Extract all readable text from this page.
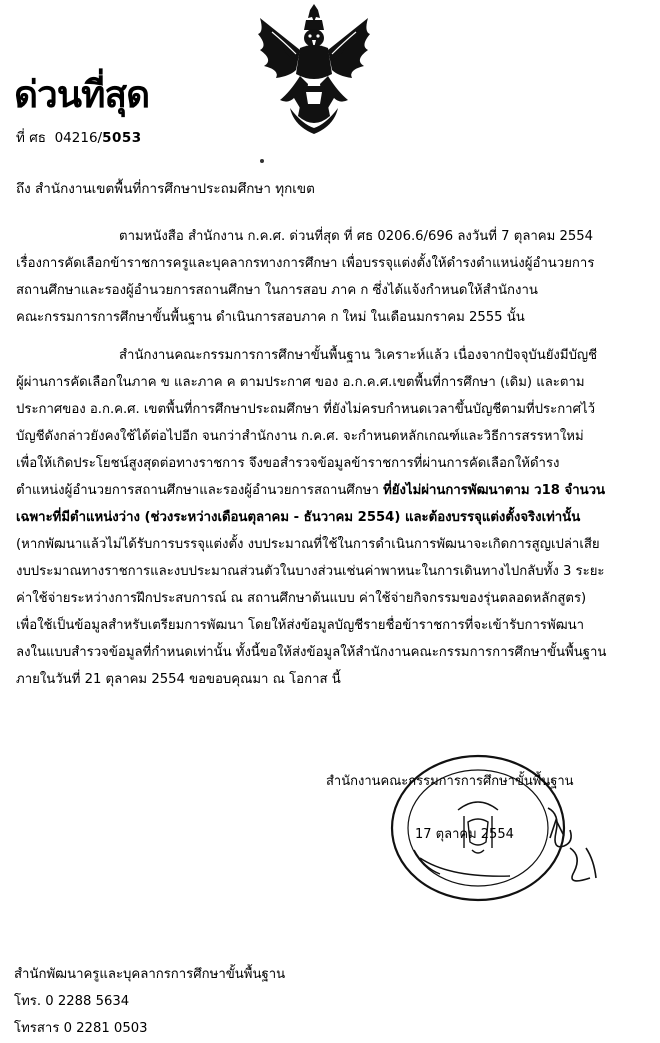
ด่วนที่สุด
ที่ ศธ 04216/5053
ถึง สำนักงานเขตพื้นที่การศึกษาประถมศึกษา ทุกเขต
ตามหนังสือ สำนักงาน ก.ค.ศ. ด่วนที่สุด ที่ ศธ 0206.6/696 ลงวันที่ 7 ตุลาคม 2554
เรื่องการคัดเลือกข้าราชการครูและบุคลากรทางการศึกษา เพื่อบรรจุแต่งตั้งให้ดำรงตำแหน่งผู้อำนวยการ
สถานศึกษาและรองผู้อำนวยการสถานศึกษา ในการสอบ ภาค ก ซึ่งได้แจ้งกำหนดให้สำนักงาน
คณะกรรมการการศึกษาขั้นพื้นฐาน ดำเนินการสอบภาค ก ใหม่ ในเดือนมกราคม 2555 นั้น
สำนักงานคณะกรรมการการศึกษาขั้นพื้นฐาน วิเคราะห์แล้ว เนื่องจากปัจจุบันยังมีบัญชี
ผู้ผ่านการคัดเลือกในภาค ข และภาค ค ตามประกาศ ของ อ.ก.ค.ศ.เขตพื้นที่การศึกษา (เดิม) และตาม
ประกาศของ อ.ก.ค.ศ. เขตพื้นที่การศึกษาประถมศึกษา ที่ยังไม่ครบกำหนดเวลาขึ้นบัญชีตามที่ประกาศไว้
บัญชีดังกล่าวยังคงใช้ได้ต่อไปอีก จนกว่าสำนักงาน ก.ค.ศ. จะกำหนดหลักเกณฑ์และวิธีการสรรหาใหม่
เพื่อให้เกิดประโยชน์สูงสุดต่อทางราชการ จึงขอสำรวจข้อมูลข้าราชการที่ผ่านการคัดเลือกให้ดำรง
ตำแหน่งผู้อำนวยการสถานศึกษาและรองผู้อำนวยการสถานศึกษา ที่ยังไม่ผ่านการพัฒนาตาม ว18 จำนวน
เฉพาะที่มีตำแหน่งว่าง (ช่วงระหว่างเดือนตุลาคม - ธันวาคม 2554) และต้องบรรจุแต่งตั้งจริงเท่านั้น
(หากพัฒนาแล้วไม่ได้รับการบรรจุแต่งตั้ง งบประมาณที่ใช้ในการดำเนินการพัฒนาจะเกิดการสูญเปล่าเสีย
งบประมาณทางราชการและงบประมาณส่วนตัวในบางส่วนเช่นค่าพาหนะในการเดินทางไปกลับทั้ง 3 ระยะ
ค่าใช้จ่ายระหว่างการฝึกประสบการณ์ ณ สถานศึกษาต้นแบบ ค่าใช้จ่ายกิจกรรมของรุ่นตลอดหลักสูตร)
เพื่อใช้เป็นข้อมูลสำหรับเตรียมการพัฒนา โดยให้ส่งข้อมูลบัญชีรายชื่อข้าราชการที่จะเข้ารับการพัฒนา
ลงในแบบสำรวจข้อมูลที่กำหนดเท่านั้น ทั้งนี้ขอให้ส่งข้อมูลให้สำนักงานคณะกรรมการการศึกษาขั้นพื้นฐาน
ภายในวันที่ 21 ตุลาคม 2554 ขอขอบคุณมา ณ โอกาส นี้
สำนักงานคณะกรรมการการศึกษาขั้นพื้นฐาน
17 ตุลาคม 2554
สำนักพัฒนาครูและบุคลากรการศึกษาขั้นพื้นฐาน
โทร. 0 2288 5634
โทรสาร 0 2281 0503
